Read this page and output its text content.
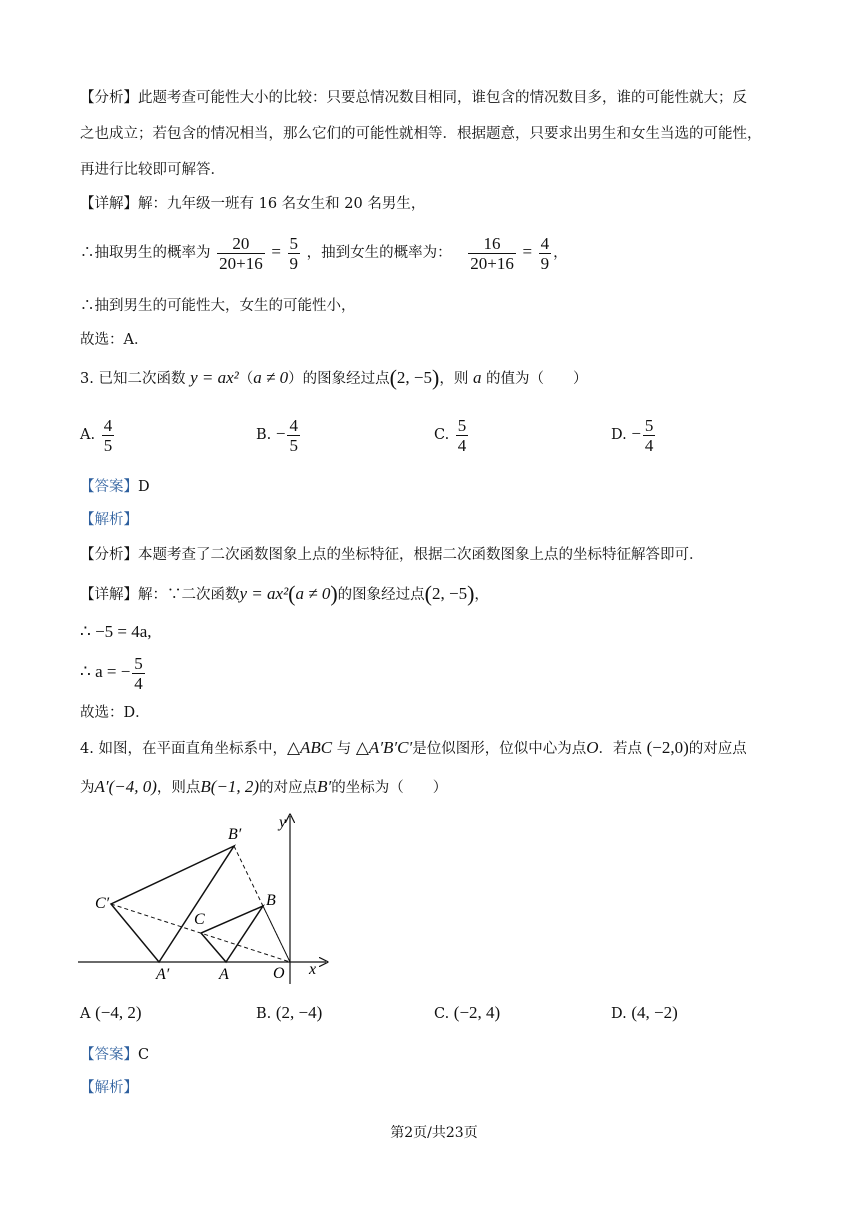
【分析】此题考查可能性大小的比较：只要总情况数目相同，谁包含的情况数目多，谁的可能性就大；反
之也成立；若包含的情况相当，那么它们的可能性就相等．根据题意，只要求出男生和女生当选的可能性，
再进行比较即可解答．
【详解】解：九年级一班有 16 名女生和 20 名男生，
∴抽取男生的概率为 $\frac{20}{20+16} = \frac{5}{9}$ ，抽到女生的概率为： $\frac{16}{20+16} = \frac{4}{9}$ ，
∴抽到男生的可能性大，女生的可能性小，
故选：A．
3. 已知二次函数 y = ax²（a ≠ 0）的图象经过点(2, −5)，则 a 的值为（　　）
A. $\frac{4}{5}$	B. − $\frac{4}{5}$	C. $\frac{5}{4}$	D. − $\frac{5}{4}$
【答案】D
【解析】
【分析】本题考查了二次函数图象上点的坐标特征，根据二次函数图象上点的坐标特征解答即可．
【详解】解：∵二次函数y = ax²(a ≠ 0)的图象经过点(2, −5)，
∴ −5 = 4a,
∴ a = − $\frac{5}{4}$
故选：D．
4. 如图，在平面直角坐标系中，△ABC 与 △A′B′C′是位似图形，位似中心为点O．若点 (−2,0)的对应点
为A′(−4, 0)，则点B(−1, 2)的对应点B′的坐标为（　　）
B′
C′
A′	A
B
C
O x
y
A (−4, 2)	B. (2, −4)	C. (−2, 4)	D. (4, −2)
【答案】C
【解析】
第2页/共23页
